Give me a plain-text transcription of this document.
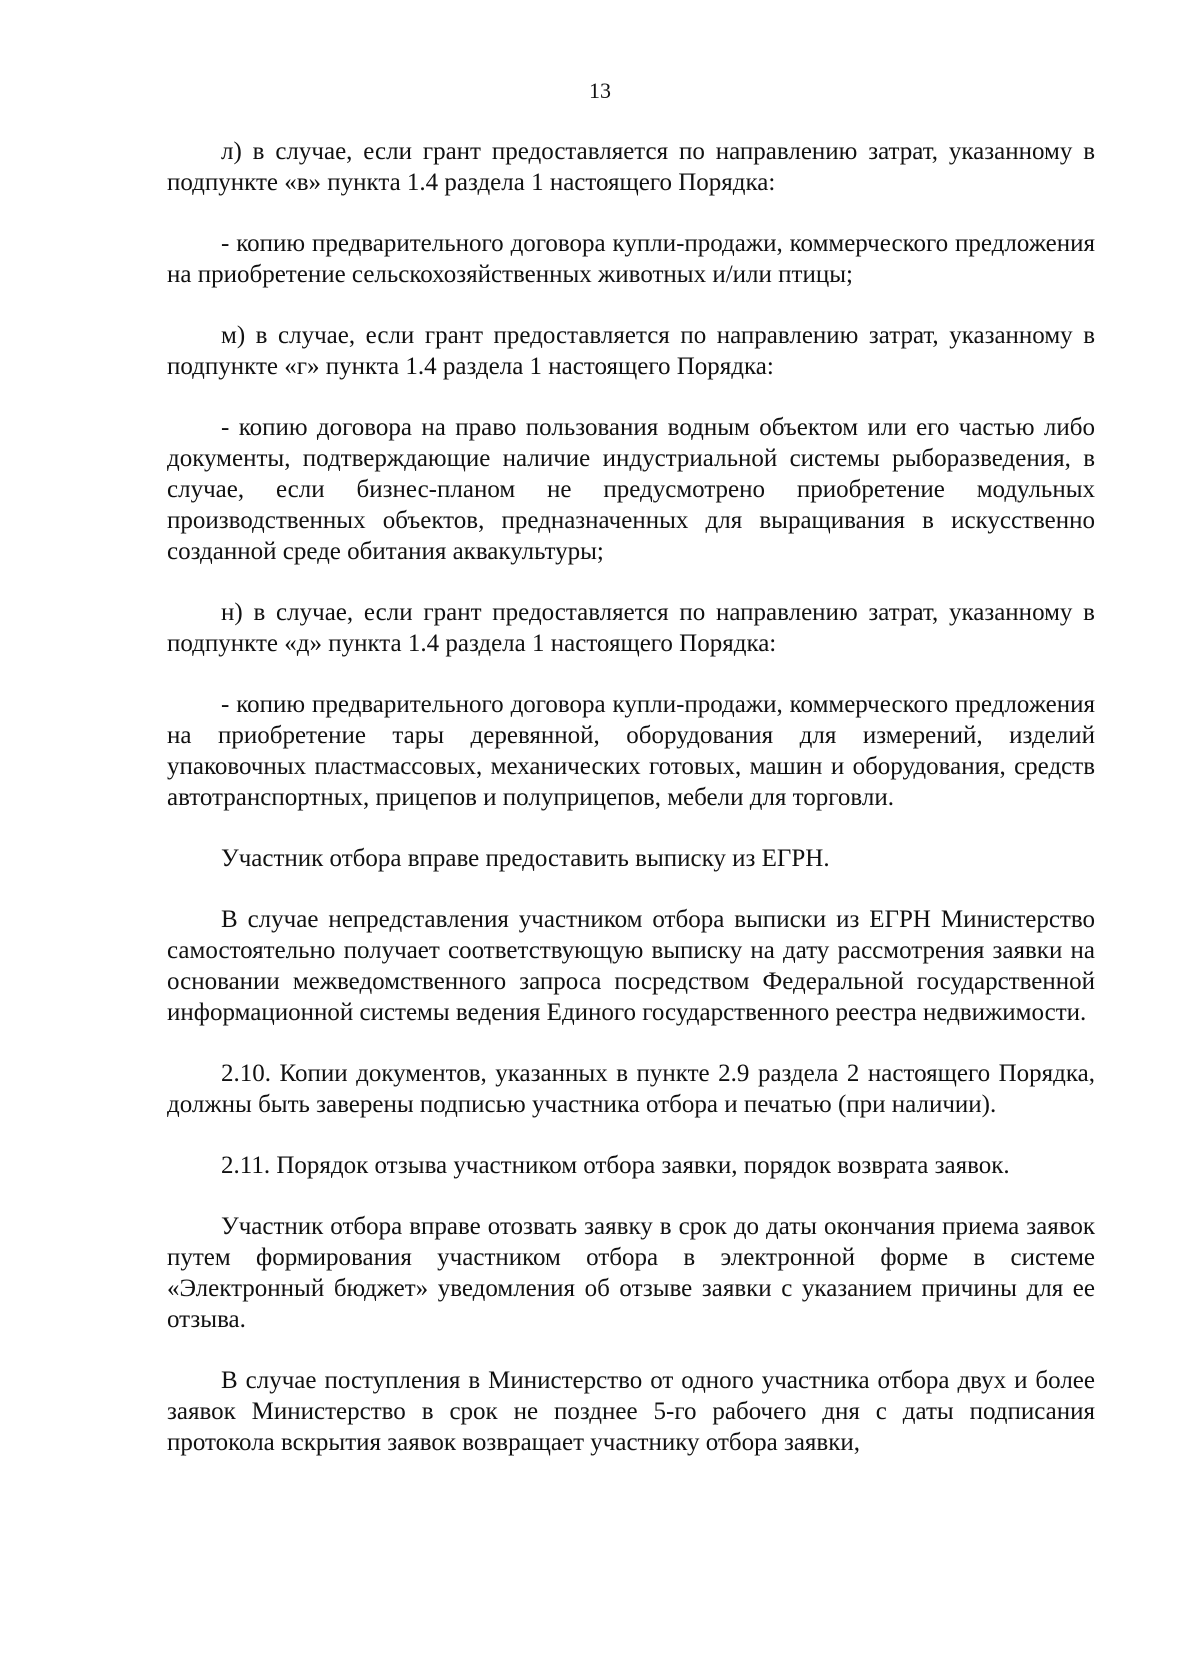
13

л) в случае, если грант предоставляется по направлению затрат, указанному в подпункте «в» пункта 1.4 раздела 1 настоящего Порядка:

- копию предварительного договора купли-продажи, коммерческого предложения на приобретение сельскохозяйственных животных и/или птицы;

м) в случае, если грант предоставляется по направлению затрат, указанному в подпункте «г» пункта 1.4 раздела 1 настоящего Порядка:

- копию договора на право пользования водным объектом или его частью либо документы, подтверждающие наличие индустриальной системы рыборазведения, в случае, если бизнес-планом не предусмотрено приобретение модульных производственных объектов, предназначенных для выращивания в искусственно созданной среде обитания аквакультуры;

н) в случае, если грант предоставляется по направлению затрат, указанному в подпункте «д» пункта 1.4 раздела 1 настоящего Порядка:

- копию предварительного договора купли-продажи, коммерческого предложения на приобретение тары деревянной, оборудования для измерений, изделий упаковочных пластмассовых, механических готовых, машин и оборудования, средств автотранспортных, прицепов и полуприцепов, мебели для торговли.

Участник отбора вправе предоставить выписку из ЕГРН.

В случае непредставления участником отбора выписки из ЕГРН Министерство самостоятельно получает соответствующую выписку на дату рассмотрения заявки на основании межведомственного запроса посредством Федеральной государственной информационной системы ведения Единого государственного реестра недвижимости.

2.10. Копии документов, указанных в пункте 2.9 раздела 2 настоящего Порядка, должны быть заверены подписью участника отбора и печатью (при наличии).

2.11. Порядок отзыва участником отбора заявки, порядок возврата заявок.

Участник отбора вправе отозвать заявку в срок до даты окончания приема заявок путем формирования участником отбора в электронной форме в системе «Электронный бюджет» уведомления об отзыве заявки с указанием причины для ее отзыва.

В случае поступления в Министерство от одного участника отбора двух и более заявок Министерство в срок не позднее 5-го рабочего дня с даты подписания протокола вскрытия заявок возвращает участнику отбора заявки,
